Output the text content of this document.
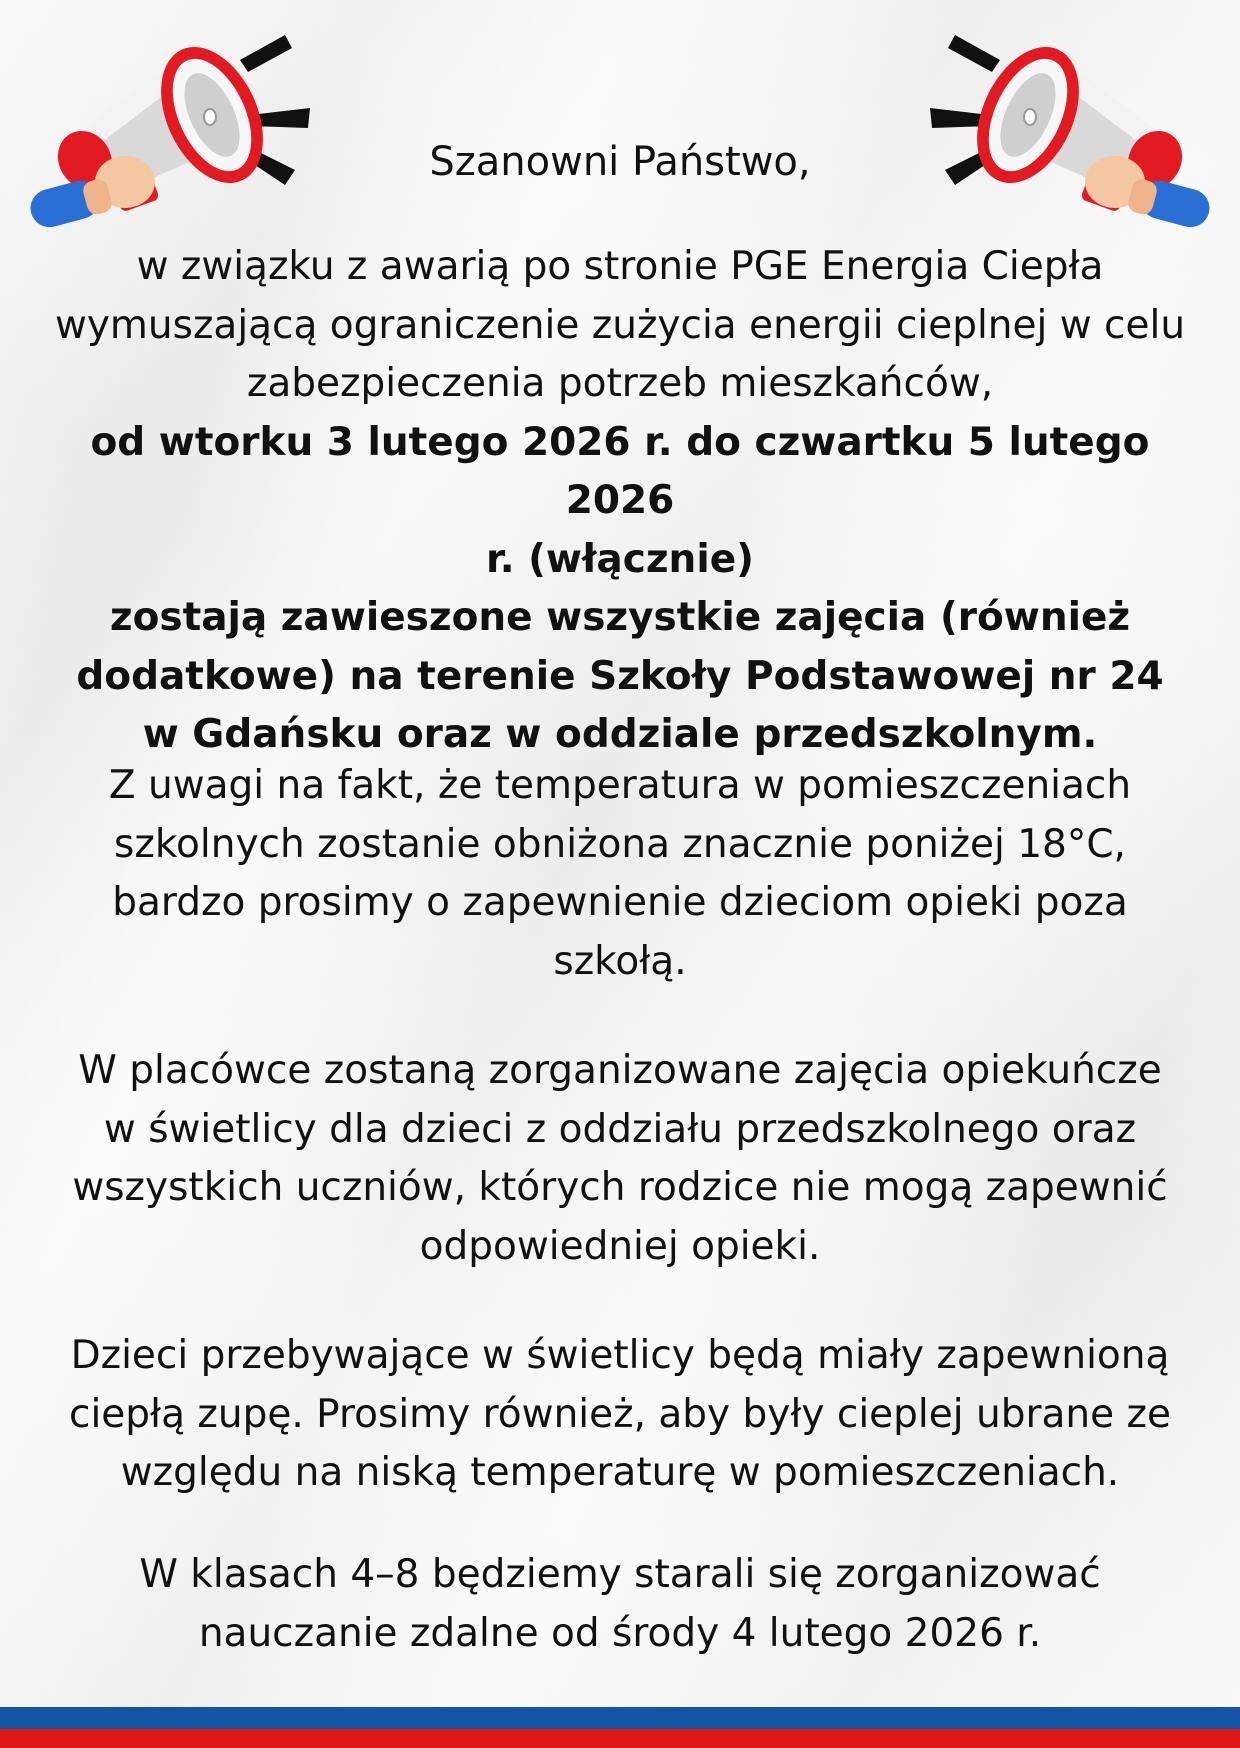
Szanowni Państwo,
w związku z awarią po stronie PGE Energia Ciepła
wymuszającą ograniczenie zużycia energii cieplnej w celu
zabezpieczenia potrzeb mieszkańców,
od wtorku 3 lutego 2026 r. do czwartku 5 lutego 2026
r. (włącznie)
zostają zawieszone wszystkie zajęcia (również
dodatkowe) na terenie Szkoły Podstawowej nr 24
w Gdańsku oraz w oddziale przedszkolnym.
Z uwagi na fakt, że temperatura w pomieszczeniach
szkolnych zostanie obniżona znacznie poniżej 18°C,
bardzo prosimy o zapewnienie dzieciom opieki poza
szkołą.
W placówce zostaną zorganizowane zajęcia opiekuńcze
w świetlicy dla dzieci z oddziału przedszkolnego oraz
wszystkich uczniów, których rodzice nie mogą zapewnić
odpowiedniej opieki.
Dzieci przebywające w świetlicy będą miały zapewnioną
ciepłą zupę. Prosimy również, aby były cieplej ubrane ze
względu na niską temperaturę w pomieszczeniach.
W klasach 4–8 będziemy starali się zorganizować
nauczanie zdalne od środy 4 lutego 2026 r.
